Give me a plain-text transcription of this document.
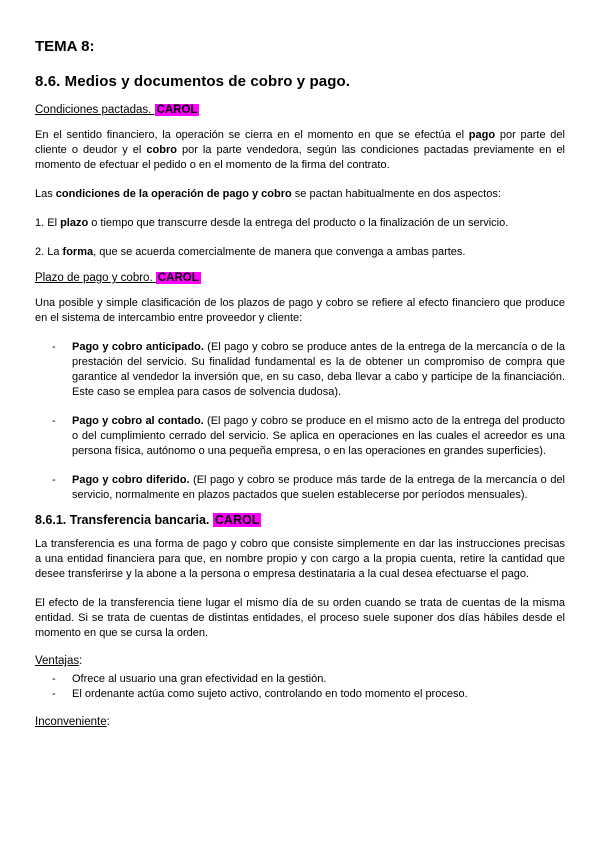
TEMA 8:
8.6. Medios y documentos de cobro y pago.
Condiciones pactadas. CAROL

En el sentido financiero, la operación se cierra en el momento en que se efectúa el pago por parte del cliente o deudor y el cobro por la parte vendedora, según las condiciones pactadas previamente en el momento de efectuar el pedido o en el momento de la firma del contrato.

Las condiciones de la operación de pago y cobro se pactan habitualmente en dos aspectos:

1. El plazo o tiempo que transcurre desde la entrega del producto o la finalización de un servicio.

2. La forma, que se acuerda comercialmente de manera que convenga a ambas partes.

Plazo de pago y cobro. CAROL

Una posible y simple clasificación de los plazos de pago y cobro se refiere al efecto financiero que produce en el sistema de intercambio entre proveedor y cliente:

- Pago y cobro anticipado. (El pago y cobro se produce antes de la entrega de la mercancía o de la prestación del servicio. Su finalidad fundamental es la de obtener un compromiso de compra que garantice al vendedor la inversión que, en su caso, deba llevar a cabo y participe de la financiación. Este caso se emplea para casos de solvencia dudosa).
- Pago y cobro al contado. (El pago y cobro se produce en el mismo acto de la entrega del producto o del cumplimiento cerrado del servicio. Se aplica en operaciones en las cuales el acreedor es una persona física, autónomo o una pequeña empresa, o en las operaciones en grandes superficies).
- Pago y cobro diferido. (El pago y cobro se produce más tarde de la entrega de la mercancía o del servicio, normalmente en plazos pactados que suelen establecerse por períodos mensuales).
8.6.1. Transferencia bancaria. CAROL

La transferencia es una forma de pago y cobro que consiste simplemente en dar las instrucciones precisas a una entidad financiera para que, en nombre propio y con cargo a la propia cuenta, retire la cantidad que desee transferirse y la abone a la persona o empresa destinataria a la cual desea efectuarse el pago.

El efecto de la transferencia tiene lugar el mismo día de su orden cuando se trata de cuentas de la misma entidad. Si se trata de cuentas de distintas entidades, el proceso suele suponer dos días hábiles desde el momento en que se cursa la orden.

Ventajas:
- Ofrece al usuario una gran efectividad en la gestión.
- El ordenante actúa como sujeto activo, controlando en todo momento el proceso.
Inconveniente:
